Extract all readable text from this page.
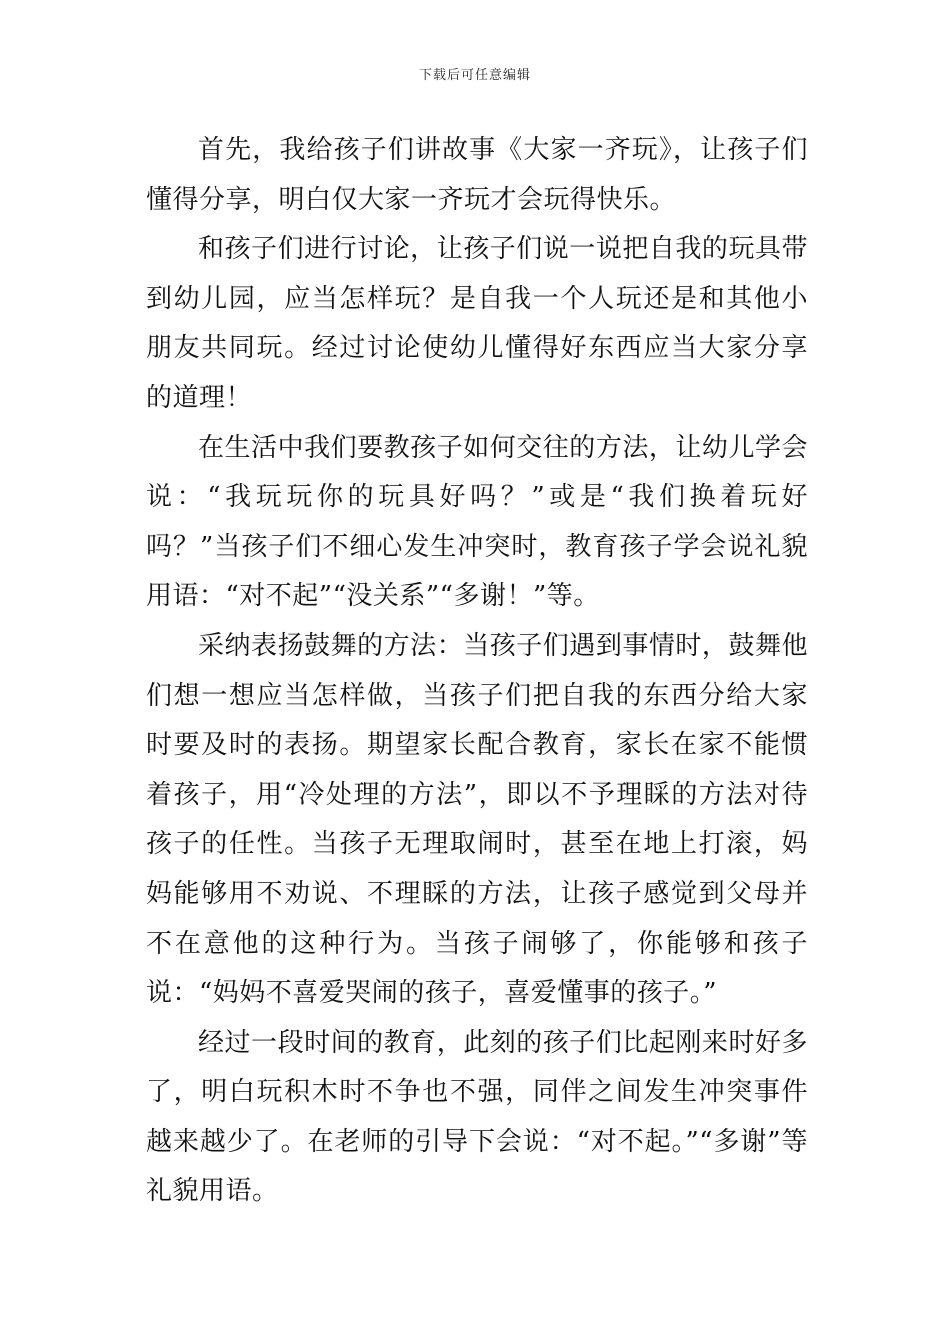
下载后可任意编辑

首先，我给孩子们讲故事《大家一齐玩》，让孩子们懂得分享，明白仅大家一齐玩才会玩得快乐。

和孩子们进行讨论，让孩子们说一说把自我的玩具带到幼儿园，应当怎样玩？是自我一个人玩还是和其他小朋友共同玩。经过讨论使幼儿懂得好东西应当大家分享的道理！

在生活中我们要教孩子如何交往的方法，让幼儿学会说：“我玩玩你的玩具好吗？”或是“我们换着玩好吗？”当孩子们不细心发生冲突时，教育孩子学会说礼貌用语：“对不起”“没关系”“多谢！”等。

采纳表扬鼓舞的方法：当孩子们遇到事情时，鼓舞他们想一想应当怎样做，当孩子们把自我的东西分给大家时要及时的表扬。期望家长配合教育，家长在家不能惯着孩子，用“冷处理的方法”，即以不予理睬的方法对待孩子的任性。当孩子无理取闹时，甚至在地上打滚，妈妈能够用不劝说、不理睬的方法，让孩子感觉到父母并不在意他的这种行为。当孩子闹够了，你能够和孩子说：“妈妈不喜爱哭闹的孩子，喜爱懂事的孩子。”

经过一段时间的教育，此刻的孩子们比起刚来时好多了，明白玩积木时不争也不强，同伴之间发生冲突事件越来越少了。在老师的引导下会说：“对不起。”“多谢”等礼貌用语。
